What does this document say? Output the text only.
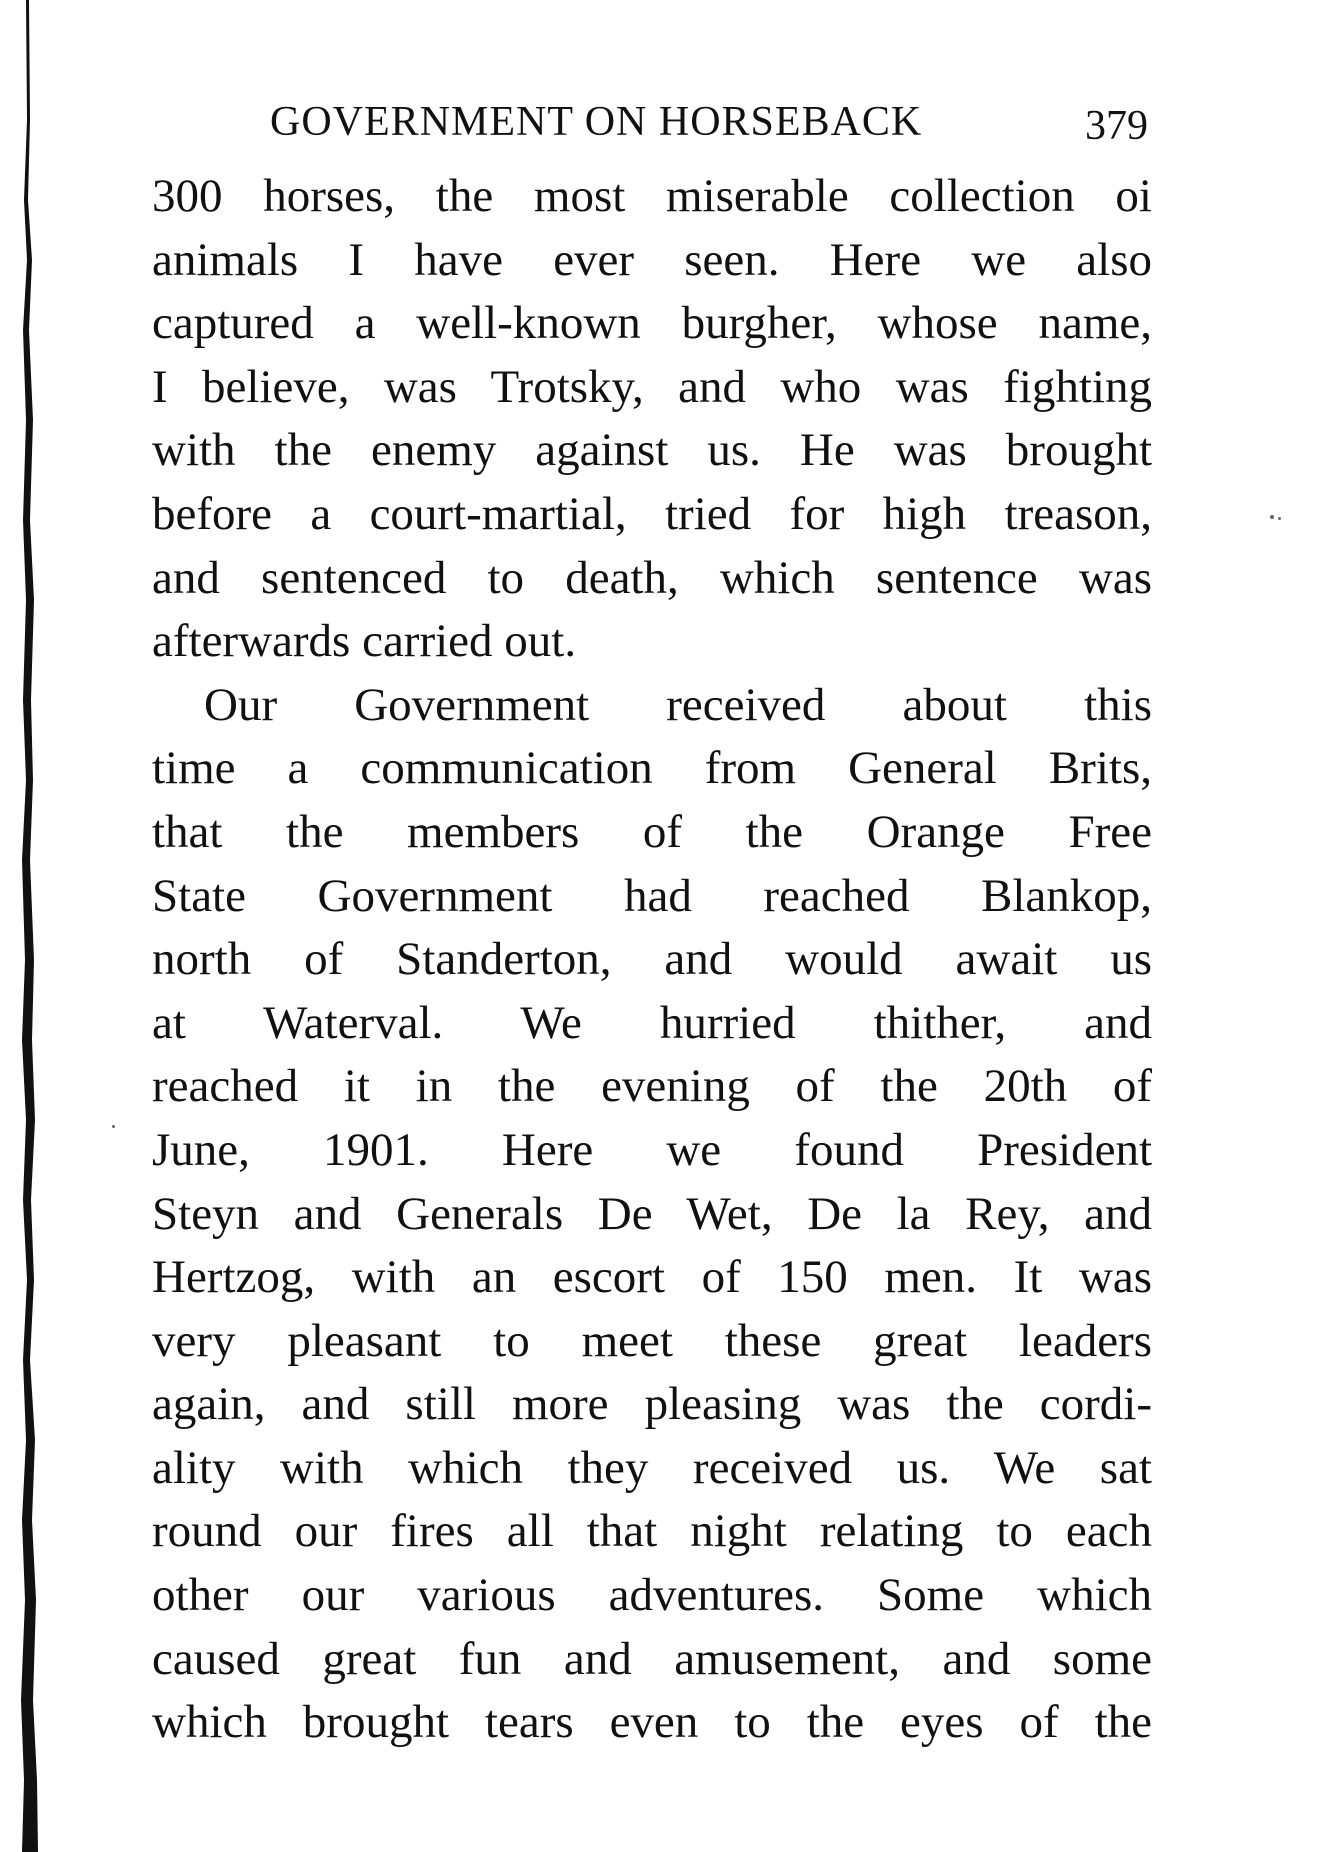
GOVERNMENT ON HORSEBACK	379
300 horses, the most miserable collection oi
animals I have ever seen. Here we also
captured a well-known burgher, whose name,
I believe, was Trotsky, and who was fighting
with the enemy against us. He was brought
before a court-martial, tried for high treason,
and sentenced to death, which sentence was
afterwards carried out.
Our Government received about this
time a communication from General Brits,
that the members of the Orange Free
State Government had reached Blankop,
north of Standerton, and would await us
at Waterval. We hurried thither, and
reached it in the evening of the 20th of
June, 1901. Here we found President
Steyn and Generals De Wet, De la Rey, and
Hertzog, with an escort of 150 men. It was
very pleasant to meet these great leaders
again, and still more pleasing was the cordi-
ality with which they received us. We sat
round our fires all that night relating to each
other our various adventures. Some which
caused great fun and amusement, and some
which brought tears even to the eyes of the
